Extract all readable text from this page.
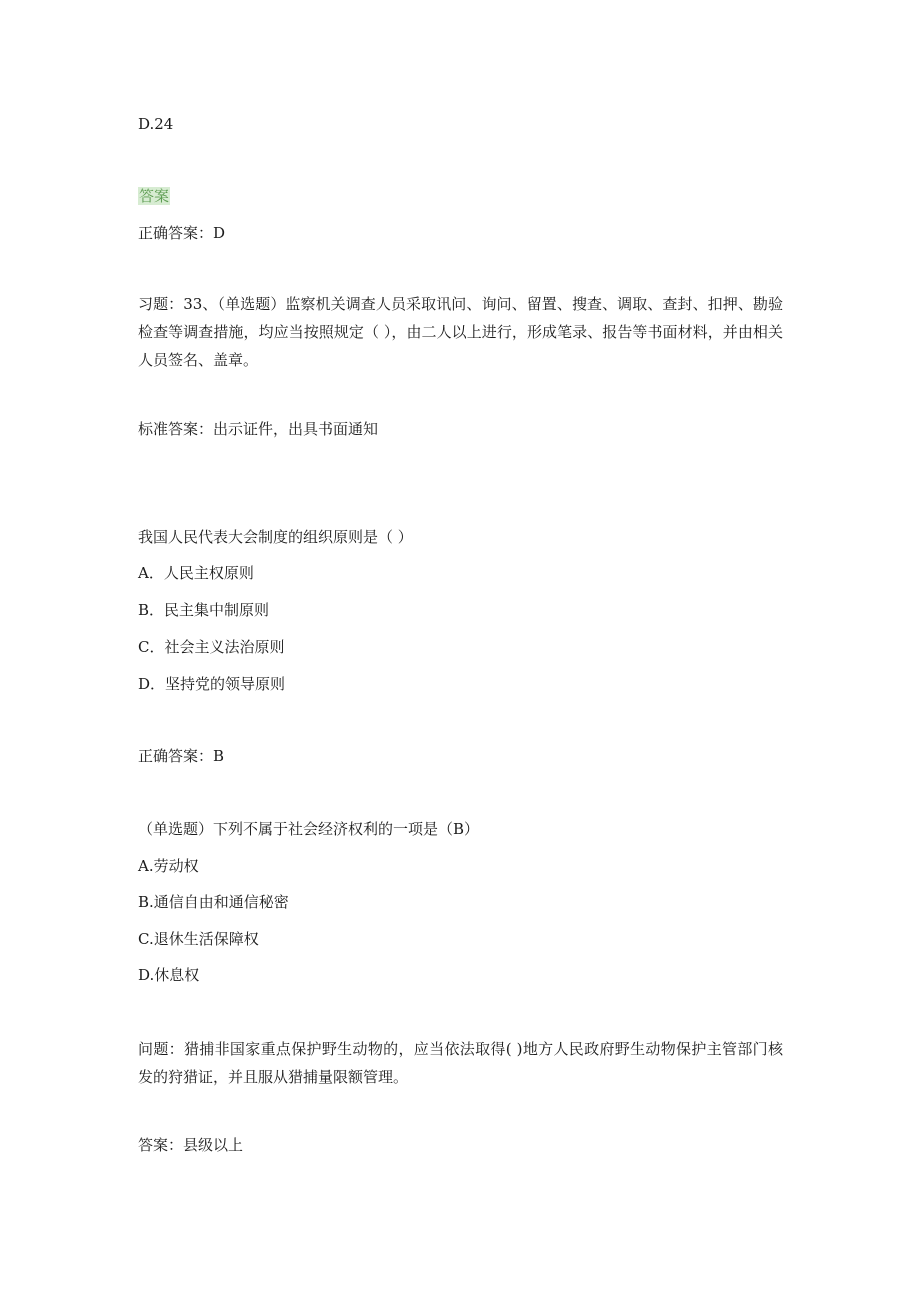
D.24
答案
正确答案：D
习题：33、（单选题）监察机关调查人员采取讯问、询问、留置、搜查、调取、查封、扣押、勘验检查等调查措施，均应当按照规定（ ），由二人以上进行，形成笔录、报告等书面材料，并由相关人员签名、盖章。
标准答案：出示证件，出具书面通知
我国人民代表大会制度的组织原则是（ ）
A．人民主权原则
B．民主集中制原则
C．社会主义法治原则
D．坚持党的领导原则
正确答案：B
（单选题）下列不属于社会经济权利的一项是（B）
A.劳动权
B.通信自由和通信秘密
C.退休生活保障权
D.休息权
问题：猎捕非国家重点保护野生动物的，应当依法取得( )地方人民政府野生动物保护主管部门核发的狩猎证，并且服从猎捕量限额管理。
答案：县级以上
